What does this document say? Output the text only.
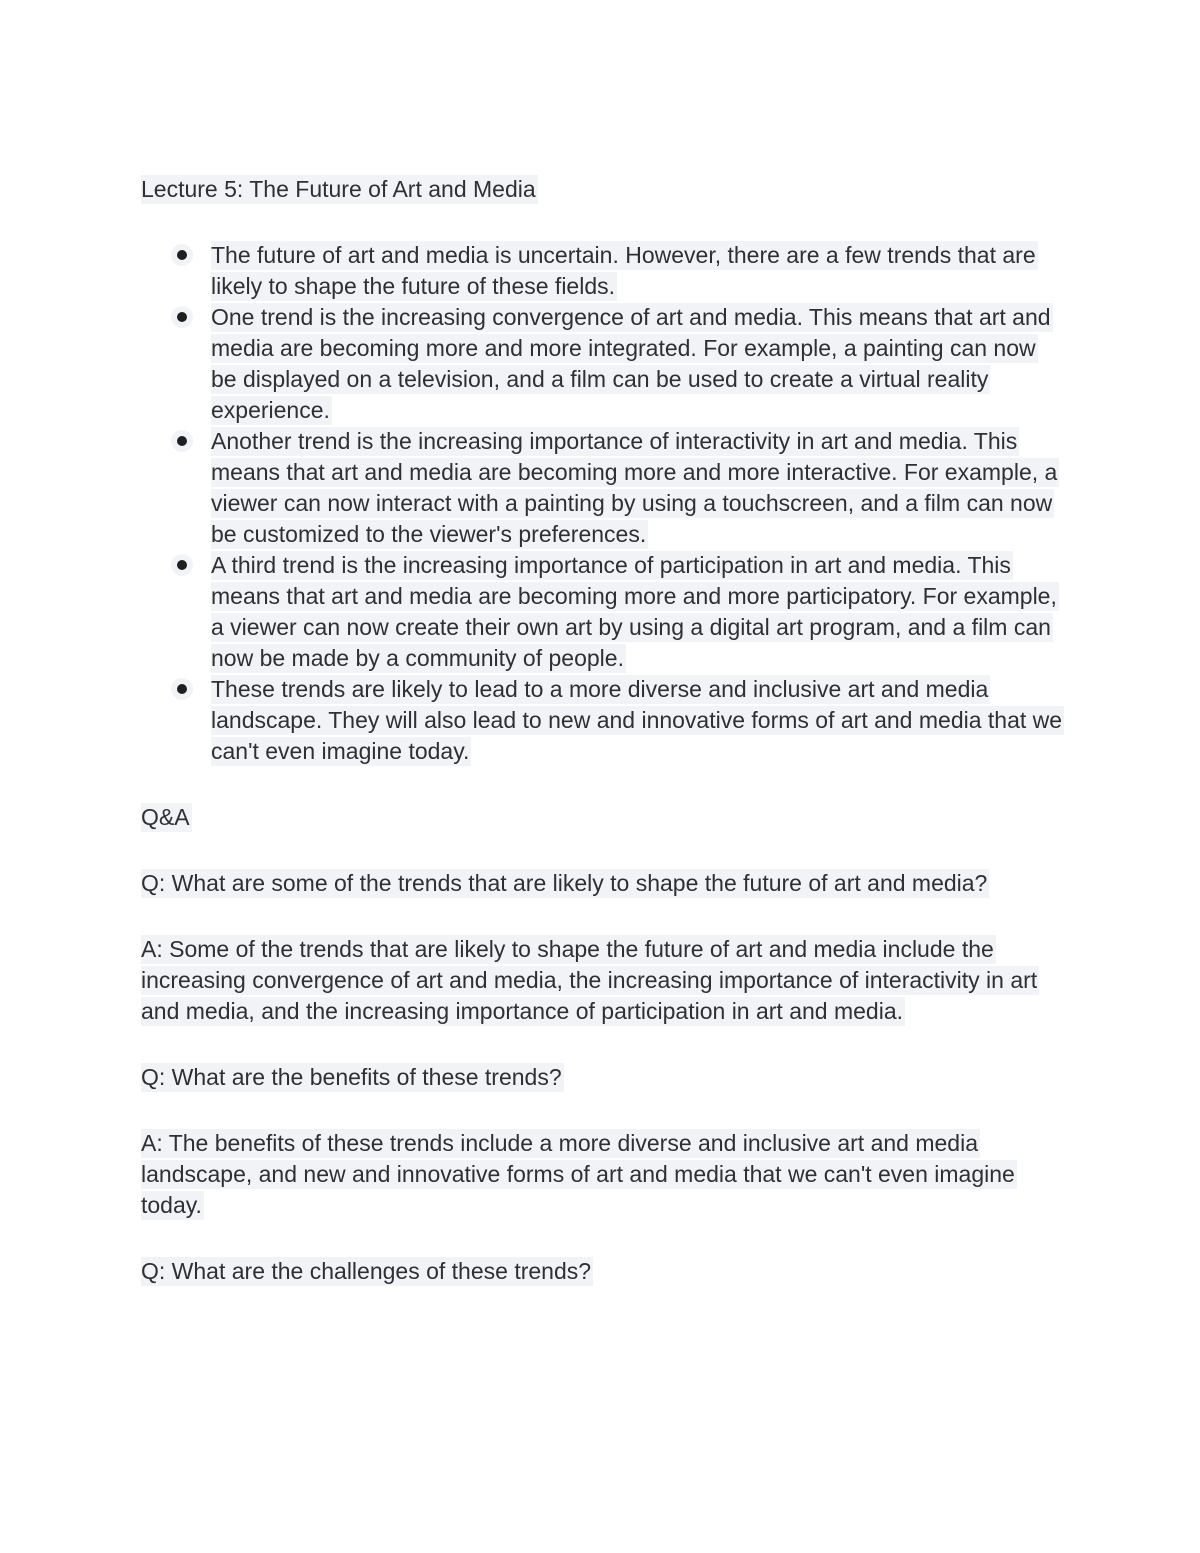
Lecture 5: The Future of Art and Media

The future of art and media is uncertain. However, there are a few trends that are likely to shape the future of these fields.
One trend is the increasing convergence of art and media. This means that art and media are becoming more and more integrated. For example, a painting can now be displayed on a television, and a film can be used to create a virtual reality experience.
Another trend is the increasing importance of interactivity in art and media. This means that art and media are becoming more and more interactive. For example, a viewer can now interact with a painting by using a touchscreen, and a film can now be customized to the viewer's preferences.
A third trend is the increasing importance of participation in art and media. This means that art and media are becoming more and more participatory. For example, a viewer can now create their own art by using a digital art program, and a film can now be made by a community of people.
These trends are likely to lead to a more diverse and inclusive art and media landscape. They will also lead to new and innovative forms of art and media that we can't even imagine today.

Q&A

Q: What are some of the trends that are likely to shape the future of art and media?

A: Some of the trends that are likely to shape the future of art and media include the increasing convergence of art and media, the increasing importance of interactivity in art and media, and the increasing importance of participation in art and media.

Q: What are the benefits of these trends?

A: The benefits of these trends include a more diverse and inclusive art and media landscape, and new and innovative forms of art and media that we can't even imagine today.

Q: What are the challenges of these trends?
